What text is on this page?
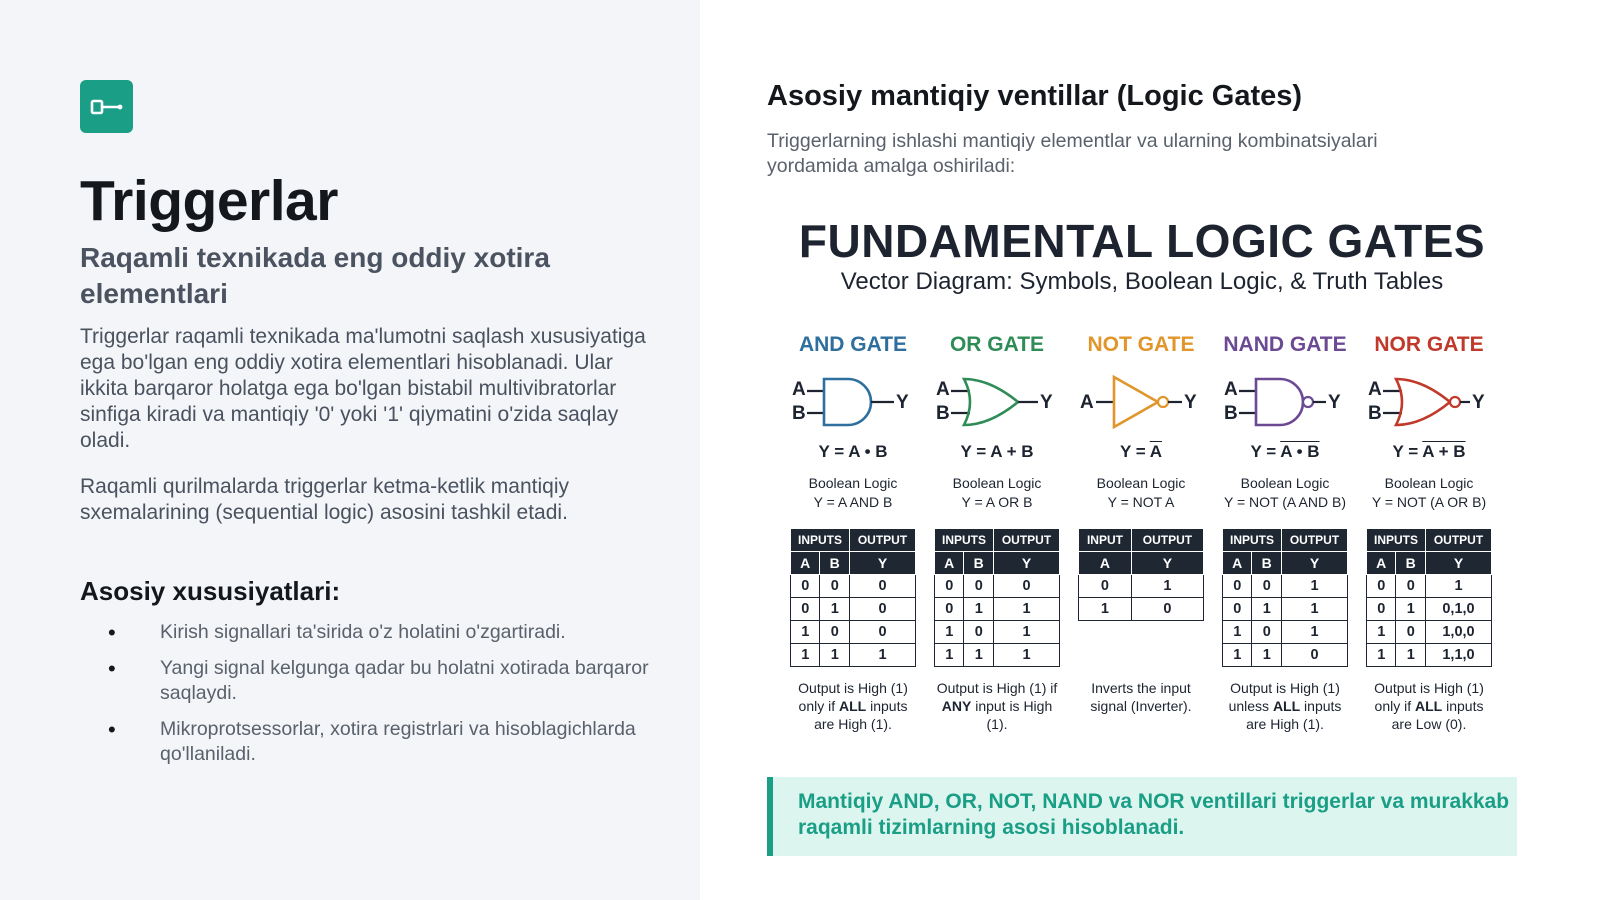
Triggerlar
Raqamli texnikada eng oddiy xotira elementlari

Triggerlar raqamli texnikada ma'lumotni saqlash xususiyatiga ega bo'lgan eng oddiy xotira elementlari hisoblanadi. Ular ikkita barqaror holatga ega bo'lgan bistabil multivibratorlar sinfiga kiradi va mantiqiy '0' yoki '1' qiymatini o'zida saqlay oladi.

Raqamli qurilmalarda triggerlar ketma-ketlik mantiqiy sxemalarining (sequential logic) asosini tashkil etadi.

Asosiy xususiyatlari:
• Kirish signallari ta'sirida o'z holatini o'zgartiradi.
• Yangi signal kelgunga qadar bu holatni xotirada barqaror saqlaydi.
• Mikroprotsessorlar, xotira registrlari va hisoblagichlarda qo'llaniladi.
Asosiy mantiqiy ventillar (Logic Gates)

Triggerlarning ishlashi mantiqiy elementlar va ularning kombinatsiyalari yordamida amalga oshiriladi:

FUNDAMENTAL LOGIC GATES
Vector Diagram: Symbols, Boolean Logic, & Truth Tables
AND GATE
A
B
Y
Y = A • B
Boolean Logic
Y = A AND B
INPUTS		OUTPUT
A	B	Y
0	0	0
0	1	0
1	0	0
1	1	1
Output is High (1) only if ALL inputs are High (1).
OR GATE
A
B
Y
Y = A + B
Boolean Logic
Y = A OR B
INPUTS		OUTPUT
A	B	Y
0	0	0
0	1	1
1	0	1
1	1	1
Output is High (1) if ANY input is High (1).
NOT GATE
A	Y
$Y = \overline{A}$
Boolean Logic
Y = NOT A
INPUT	OUTPUT
A	Y
0	1
1	0
Inverts the input signal (Inverter).
NAND GATE
A
B
Y
Y = A • B
Boolean Logic
Y = NOT (A AND B)
INPUTS		OUTPUT
A	B	Y
0	0	1
0	1	1
1	0	1
1	1	0
Output is High (1) unless ALL inputs are High (1).
NOR GATE
A
B
Y
Y = A + B
Boolean Logic
Y = NOT (A OR B)
INPUTS		OUTPUT
A	B	Y
0	0	1
0	1	0,1,0
1	0	1,0,0
1	1	1,1,0
Output is High (1) only if ALL inputs are Low (0).
Mantiqiy AND, OR, NOT, NAND va NOR ventillari triggerlar va murakkab raqamli tizimlarning asosi hisoblanadi.
